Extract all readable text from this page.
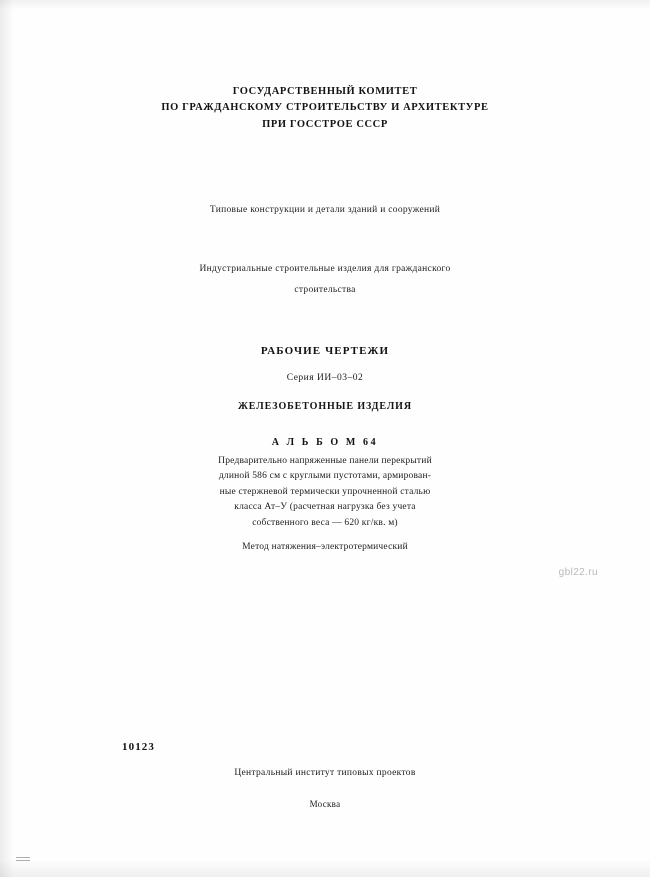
ГОСУДАРСТВЕННЫЙ КОМИТЕТ
ПО ГРАЖДАНСКОМУ СТРОИТЕЛЬСТВУ И АРХИТЕКТУРЕ
ПРИ ГОССТРОЕ СССР
Типовые конструкции и детали зданий и сооружений
Индустриальные строительные изделия для гражданского
строительства
РАБОЧИЕ ЧЕРТЕЖИ
Серия ИИ–03–02
ЖЕЛЕЗОБЕТОННЫЕ ИЗДЕЛИЯ
А Л Ь Б О М 64
Предварительно напряженные панели перекрытий
длиной 586 см с круглыми пустотами, армирован-
ные стержневой термически упрочненной сталью
класса Ат–У (расчетная нагрузка без учета
собственного веса — 620 кг/кв. м)
Метод натяжения–электротермический
gbl22.ru
10123
Центральный институт типовых проектов
Москва
